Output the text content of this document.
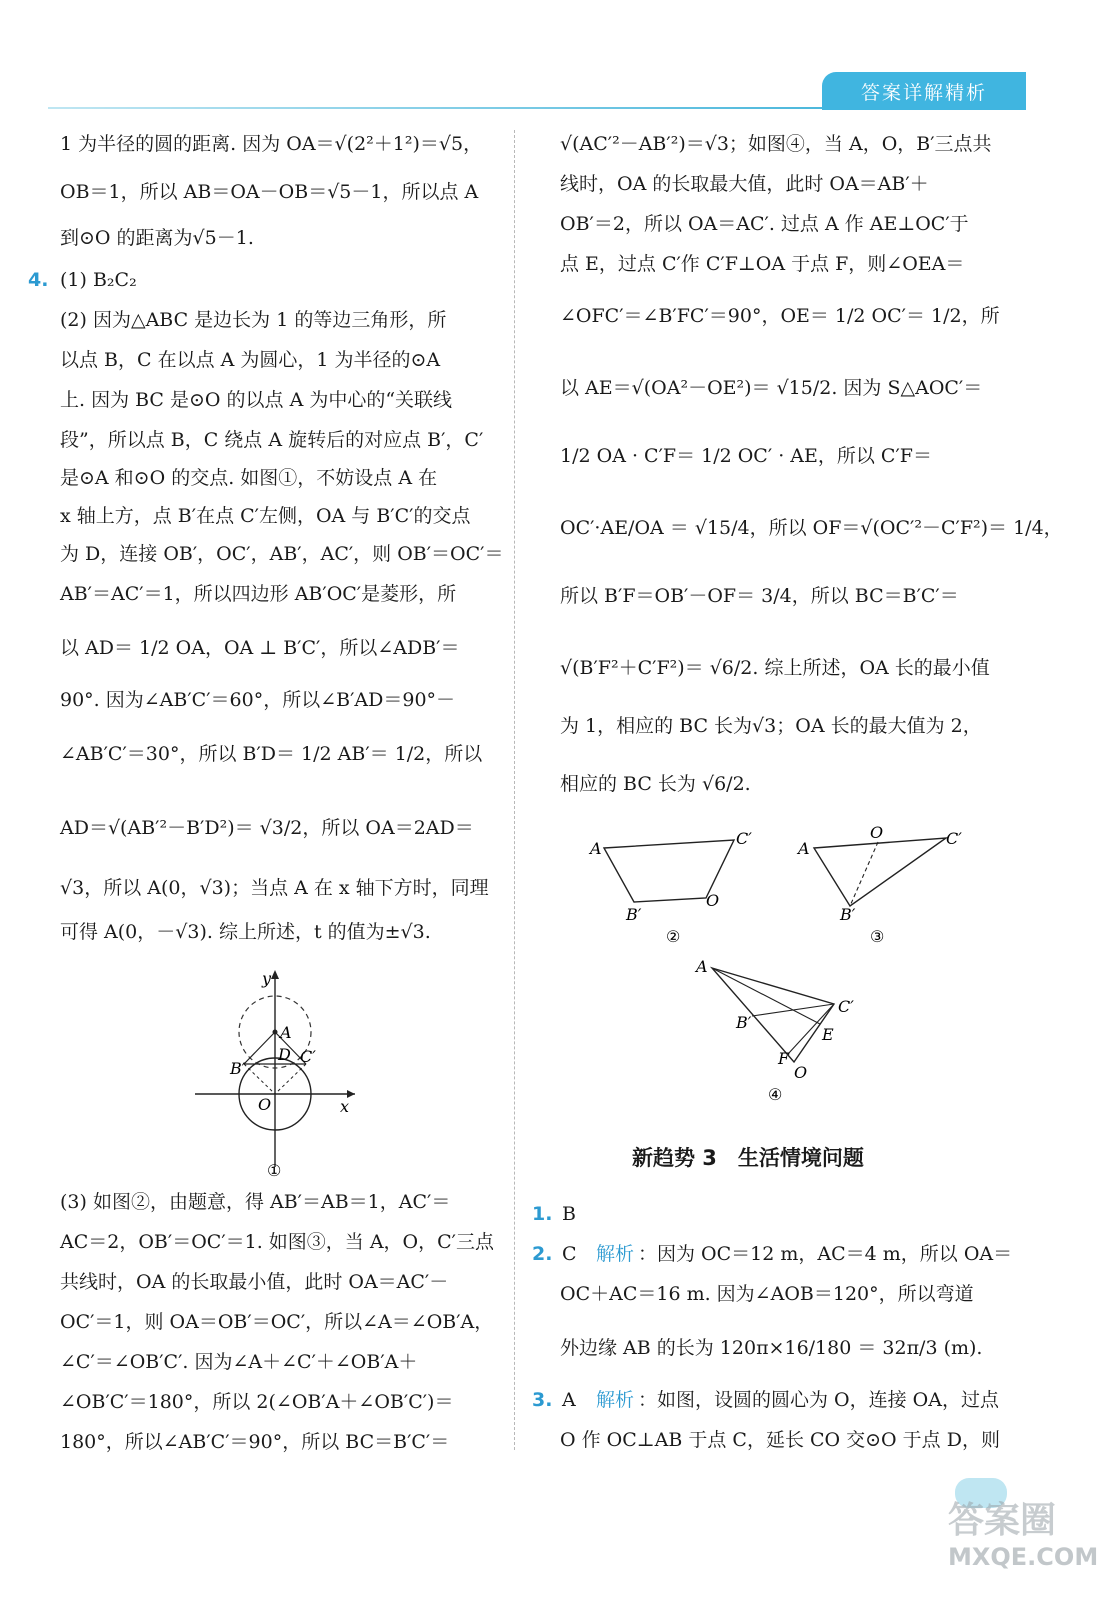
答案详解精析
1 为半径的圆的距离. 因为 OA＝√(2²＋1²)＝√5，
OB＝1，所以 AB＝OA－OB＝√5－1，所以点 A
到⊙O 的距离为√5－1.
4. (1) B₂C₂
(2) 因为△ABC 是边长为 1 的等边三角形，所
以点 B，C 在以点 A 为圆心，1 为半径的⊙A
上. 因为 BC 是⊙O 的以点 A 为中心的“关联线
段”，所以点 B，C 绕点 A 旋转后的对应点 B′，C′
是⊙A 和⊙O 的交点. 如图①，不妨设点 A 在
x 轴上方，点 B′在点 C′左侧，OA 与 B′C′的交点
为 D，连接 OB′，OC′，AB′，AC′，则 OB′＝OC′＝
AB′＝AC′＝1，所以四边形 AB′OC′是菱形，所
以 AD＝ 1/2 OA，OA ⊥ B′C′，所以∠ADB′＝
90°. 因为∠AB′C′＝60°，所以∠B′AD＝90°－
∠AB′C′＝30°，所以 B′D＝ 1/2 AB′＝ 1/2，所以
AD＝√(AB′²－B′D²)＝ √3/2，所以 OA＝2AD＝
√3，所以 A(0，√3)；当点 A 在 x 轴下方时，同理
可得 A(0，－√3). 综上所述，t 的值为±√3.
y
x
A
D
B′
C′
O
①
(3) 如图②，由题意，得 AB′＝AB＝1，AC′＝
AC＝2，OB′＝OC′＝1. 如图③，当 A，O，C′三点
共线时，OA 的长取最小值，此时 OA＝AC′－
OC′＝1，则 OA＝OB′＝OC′，所以∠A＝∠OB′A，
∠C′＝∠OB′C′. 因为∠A＋∠C′＋∠OB′A＋
∠OB′C′＝180°，所以 2(∠OB′A＋∠OB′C′)＝
180°，所以∠AB′C′＝90°，所以 BC＝B′C′＝
√(AC′²－AB′²)＝√3；如图④，当 A，O，B′三点共
线时，OA 的长取最大值，此时 OA＝AB′＋
OB′＝2，所以 OA＝AC′. 过点 A 作 AE⊥OC′于
点 E，过点 C′作 C′F⊥OA 于点 F，则∠OEA＝
∠OFC′＝∠B′FC′＝90°，OE＝ 1/2 OC′＝ 1/2，所
以 AE＝√(OA²－OE²)＝ √15/2. 因为 S△AOC′＝
1/2 OA · C′F＝ 1/2 OC′ · AE，所以 C′F＝
OC′·AE/OA ＝ √15/4，所以 OF＝√(OC′²－C′F²)＝ 1/4，
所以 B′F＝OB′－OF＝ 3/4，所以 BC＝B′C′＝
√(B′F²＋C′F²)＝ √6/2. 综上所述，OA 长的最小值
为 1，相应的 BC 长为√3；OA 长的最大值为 2，
相应的 BC 长为 √6/2.
A
C′
B′
O
②
O
A
C′
B′
③
A
C′
B′
E
F
O
④
新趋势 3　生活情境问题
1. B
2. C 解析 ：因为 OC＝12 m，AC＝4 m，所以 OA＝
OC＋AC＝16 m. 因为∠AOB＝120°，所以弯道
外边缘 AB 的长为 120π×16/180 ＝ 32π/3 (m).
3. A 解析 ：如图，设圆的圆心为 O，连接 OA，过点
O 作 OC⊥AB 于点 C，延长 CO 交⊙O 于点 D，则
答案圈
MXQE.COM
